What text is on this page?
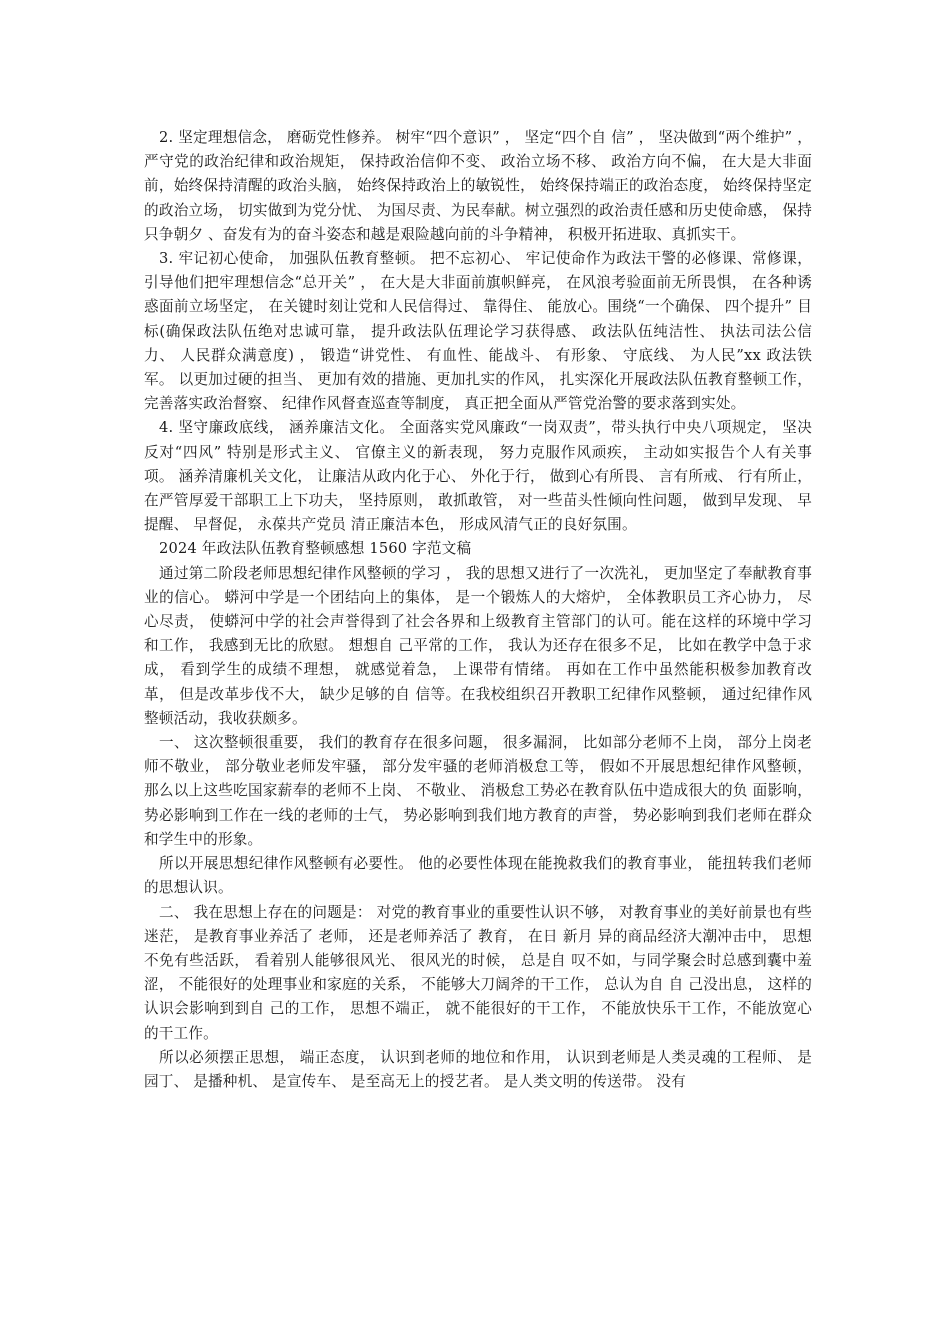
2. 坚定理想信念， 磨砺党性修养。 树牢“四个意识” ， 坚定“四个自 信” ， 坚决做到“两个维护” ， 严守党的政治纪律和政治规矩， 保持政治信仰不变、 政治立场不移、 政治方向不偏， 在大是大非面前，始终保持清醒的政治头脑， 始终保持政治上的敏锐性， 始终保持端正的政治态度， 始终保持坚定的政治立场， 切实做到为党分忧、 为国尽责、为民奉献。树立强烈的政治责任感和历史使命感， 保持只争朝夕 、奋发有为的奋斗姿态和越是艰险越向前的斗争精神， 积极开拓进取、真抓实干。

3. 牢记初心使命， 加强队伍教育整顿。 把不忘初心、 牢记使命作为政法干警的必修课、常修课， 引导他们把牢理想信念“总开关” ， 在大是大非面前旗帜鲜亮， 在风浪考验面前无所畏惧， 在各种诱惑面前立场坚定， 在关键时刻让党和人民信得过、 靠得住、 能放心。围绕“一个确保、 四个提升” 目 标(确保政法队伍绝对忠诚可靠， 提升政法队伍理论学习获得感、 政法队伍纯洁性、 执法司法公信力、 人民群众满意度) ， 锻造“讲党性、 有血性、能战斗、 有形象、 守底线、 为人民”xx 政法铁军。 以更加过硬的担当、 更加有效的措施、更加扎实的作风， 扎实深化开展政法队伍教育整顿工作， 完善落实政治督察、 纪律作风督查巡查等制度， 真正把全面从严管党治警的要求落到实处。

4. 坚守廉政底线， 涵养廉洁文化。 全面落实党风廉政“一岗双责”，带头执行中央八项规定， 坚决反对“四风” 特别是形式主义、 官僚主义的新表现， 努力克服作风顽疾， 主动如实报告个人有关事项。 涵养清廉机关文化， 让廉洁从政内化于心、 外化于行， 做到心有所畏、 言有所戒、 行有所止， 在严管厚爱干部职工上下功夫， 坚持原则， 敢抓敢管， 对一些苗头性倾向性问题， 做到早发现、 早提醒、 早督促， 永葆共产党员 清正廉洁本色， 形成风清气正的良好氛围。

2024 年政法队伍教育整顿感想 1560 字范文稿

通过第二阶段老师思想纪律作风整顿的学习 ， 我的思想又进行了一次洗礼， 更加坚定了奉献教育事业的信心。 蟒河中学是一个团结向上的集体， 是一个锻炼人的大熔炉， 全体教职员工齐心协力， 尽心尽责， 使蟒河中学的社会声誉得到了社会各界和上级教育主管部门的认可。能在这样的环境中学习 和工作， 我感到无比的欣慰。 想想自 己平常的工作， 我认为还存在很多不足， 比如在教学中急于求成， 看到学生的成绩不理想， 就感觉着急， 上课带有情绪。 再如在工作中虽然能积极参加教育改革， 但是改革步伐不大， 缺少足够的自 信等。在我校组织召开教职工纪律作风整顿， 通过纪律作风整顿活动，我收获颇多。

一、 这次整顿很重要， 我们的教育存在很多问题， 很多漏洞， 比如部分老师不上岗， 部分上岗老师不敬业， 部分敬业老师发牢骚， 部分发牢骚的老师消极怠工等， 假如不开展思想纪律作风整顿， 那么以上这些吃国家薪奉的老师不上岗、 不敬业、 消极怠工势必在教育队伍中造成很大的负 面影响， 势必影响到工作在一线的老师的士气， 势必影响到我们地方教育的声誉， 势必影响到我们老师在群众和学生中的形象。

所以开展思想纪律作风整顿有必要性。 他的必要性体现在能挽救我们的教育事业， 能扭转我们老师的思想认识。

二、 我在思想上存在的问题是： 对党的教育事业的重要性认识不够， 对教育事业的美好前景也有些迷茫， 是教育事业养活了 老师， 还是老师养活了 教育， 在日 新月 异的商品经济大潮冲击中， 思想不免有些活跃， 看着别人能够很风光、 很风光的时候， 总是自 叹不如，与同学聚会时总感到囊中羞涩， 不能很好的处理事业和家庭的关系， 不能够大刀阔斧的干工作， 总认为自 自 己没出息， 这样的认识会影响到到自 己的工作， 思想不端正， 就不能很好的干工作， 不能放快乐干工作，不能放宽心的干工作。

所以必须摆正思想， 端正态度， 认识到老师的地位和作用， 认识到老师是人类灵魂的工程师、 是园丁、 是播种机、 是宣传车、 是至高无上的授艺者。 是人类文明的传送带。 没有
